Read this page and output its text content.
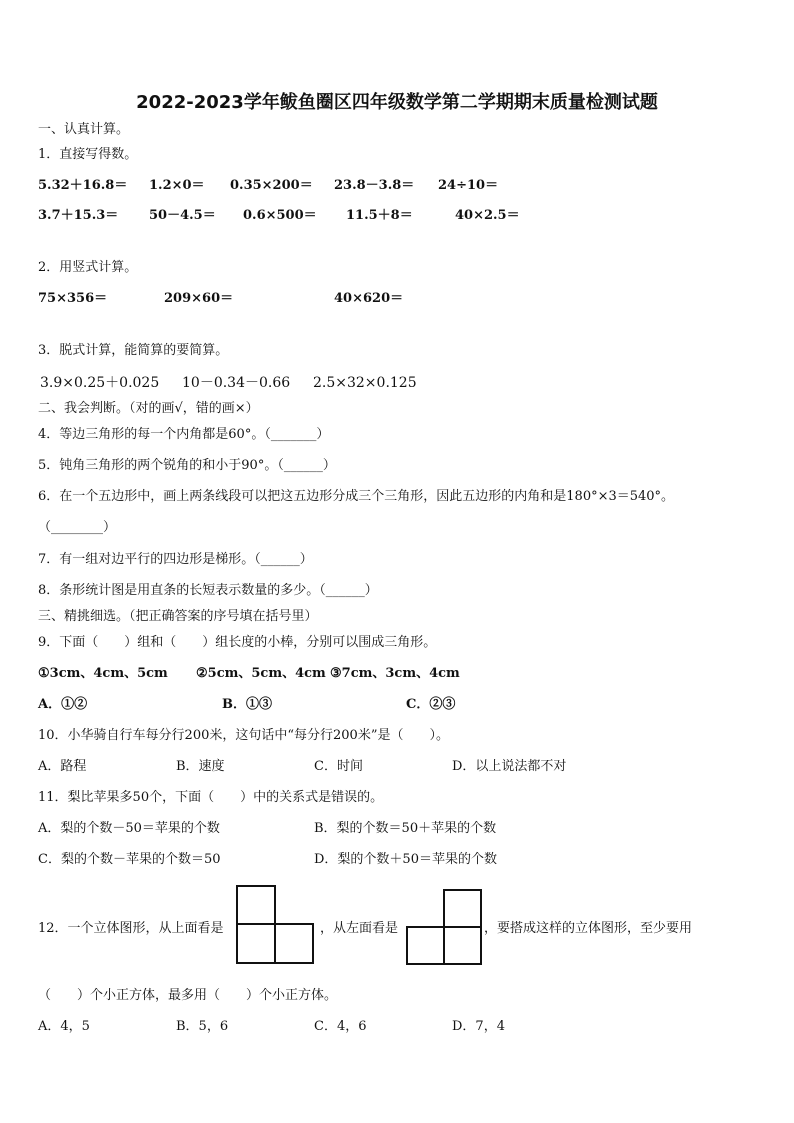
2022-2023学年鲅鱼圈区四年级数学第二学期期末质量检测试题
一、认真计算。
1．直接写得数。
5.32＋16.8＝ 1.2×0＝ 0.35×200＝ 23.8－3.8＝ 24÷10＝
3.7＋15.3＝ 50－4.5＝ 0.6×500＝ 11.5＋8＝	40×2.5＝
2．用竖式计算。
75×356＝	209×60＝	40×620＝
3．脱式计算，能简算的要简算。
3.9×0.25＋0.025 10－0.34－0.66 2.5×32×0.125
二、我会判断。（对的画√，错的画×）
4．等边三角形的每一个内角都是60°。（_______）
5．钝角三角形的两个锐角的和小于90°。（______）
6．在一个五边形中，画上两条线段可以把这五边形分成三个三角形，因此五边形的内角和是180°×3＝540°。
（________）
7．有一组对边平行的四边形是梯形。（______）
8．条形统计图是用直条的长短表示数量的多少。（______）
三、精挑细选。（把正确答案的序号填在括号里）
9．下面（　　）组和（　　）组长度的小棒，分别可以围成三角形。
①3cm、4cm、5cm ②5cm、5cm、4cm ③7cm、3cm、4cm
A．①②	B．①③	C．②③
10．小华骑自行车每分行200米，这句话中“每分行200米”是（　　）。
A．路程	B．速度	C．时间	D．以上说法都不对
11．梨比苹果多50个，下面（　　）中的关系式是错误的。
A．梨的个数－50＝苹果的个数	B．梨的个数＝50＋苹果的个数
C．梨的个数－苹果的个数＝50	D．梨的个数＋50＝苹果的个数
12．一个立体图形，从上面看是	，从左面看是	，要搭成这样的立体图形，至少要用
（　　）个小正方体，最多用（　　）个小正方体。
A．4，5	B．5，6	C．4，6	D．7，4
